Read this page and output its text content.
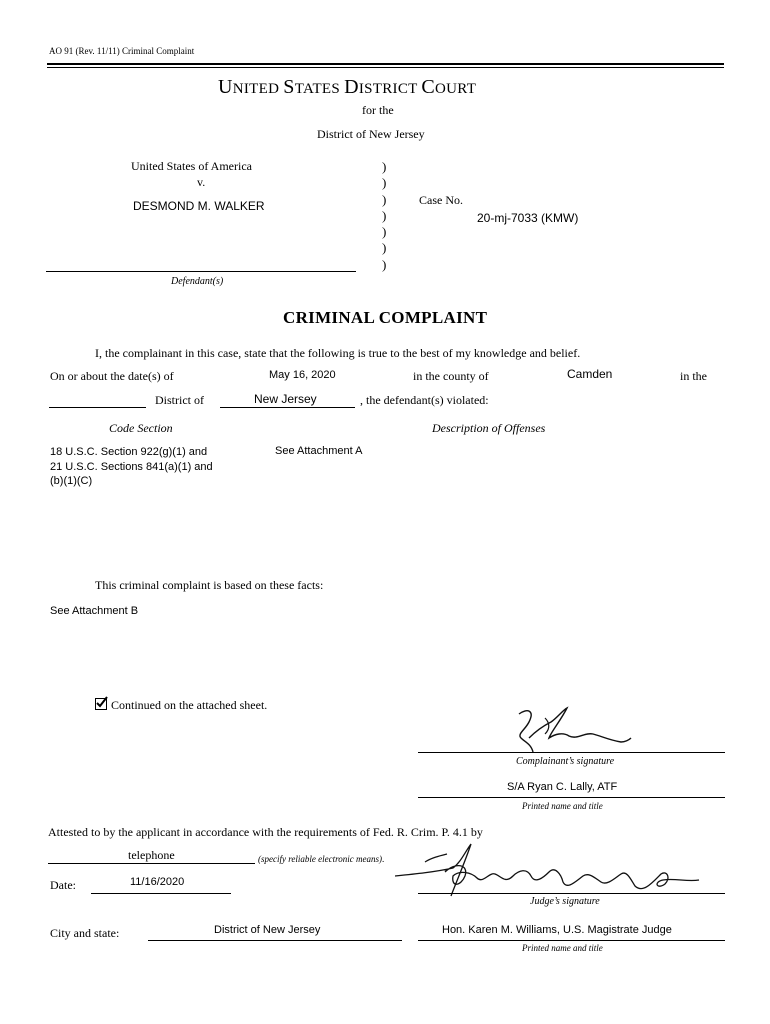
AO 91 (Rev. 11/11) Criminal Complaint
UNITED STATES DISTRICT COURT
for the
District of New Jersey
United States of America
v.
DESMOND M. WALKER
Defendant(s)
)
)
)
)
)
)
)
Case No.
20-mj-7033 (KMW)
CRIMINAL COMPLAINT
I, the complainant in this case, state that the following is true to the best of my knowledge and belief.
On or about the date(s) of	May 16, 2020	in the county of	Camden	in the
District of	New Jersey	, the defendant(s) violated:
Code Section	Description of Offenses
18 U.S.C. Section 922(g)(1) and
21 U.S.C. Sections 841(a)(1) and
(b)(1)(C)
See Attachment A
This criminal complaint is based on these facts:
See Attachment B
Continued on the attached sheet.
Complainant’s signature
S/A Ryan C. Lally, ATF
Printed name and title
Attested to by the applicant in accordance with the requirements of Fed. R. Crim. P. 4.1 by
telephone	(specify reliable electronic means).
Date:	11/16/2020
Judge’s signature
City and state:	District of New Jersey	Hon. Karen M. Williams, U.S. Magistrate Judge
Printed name and title
